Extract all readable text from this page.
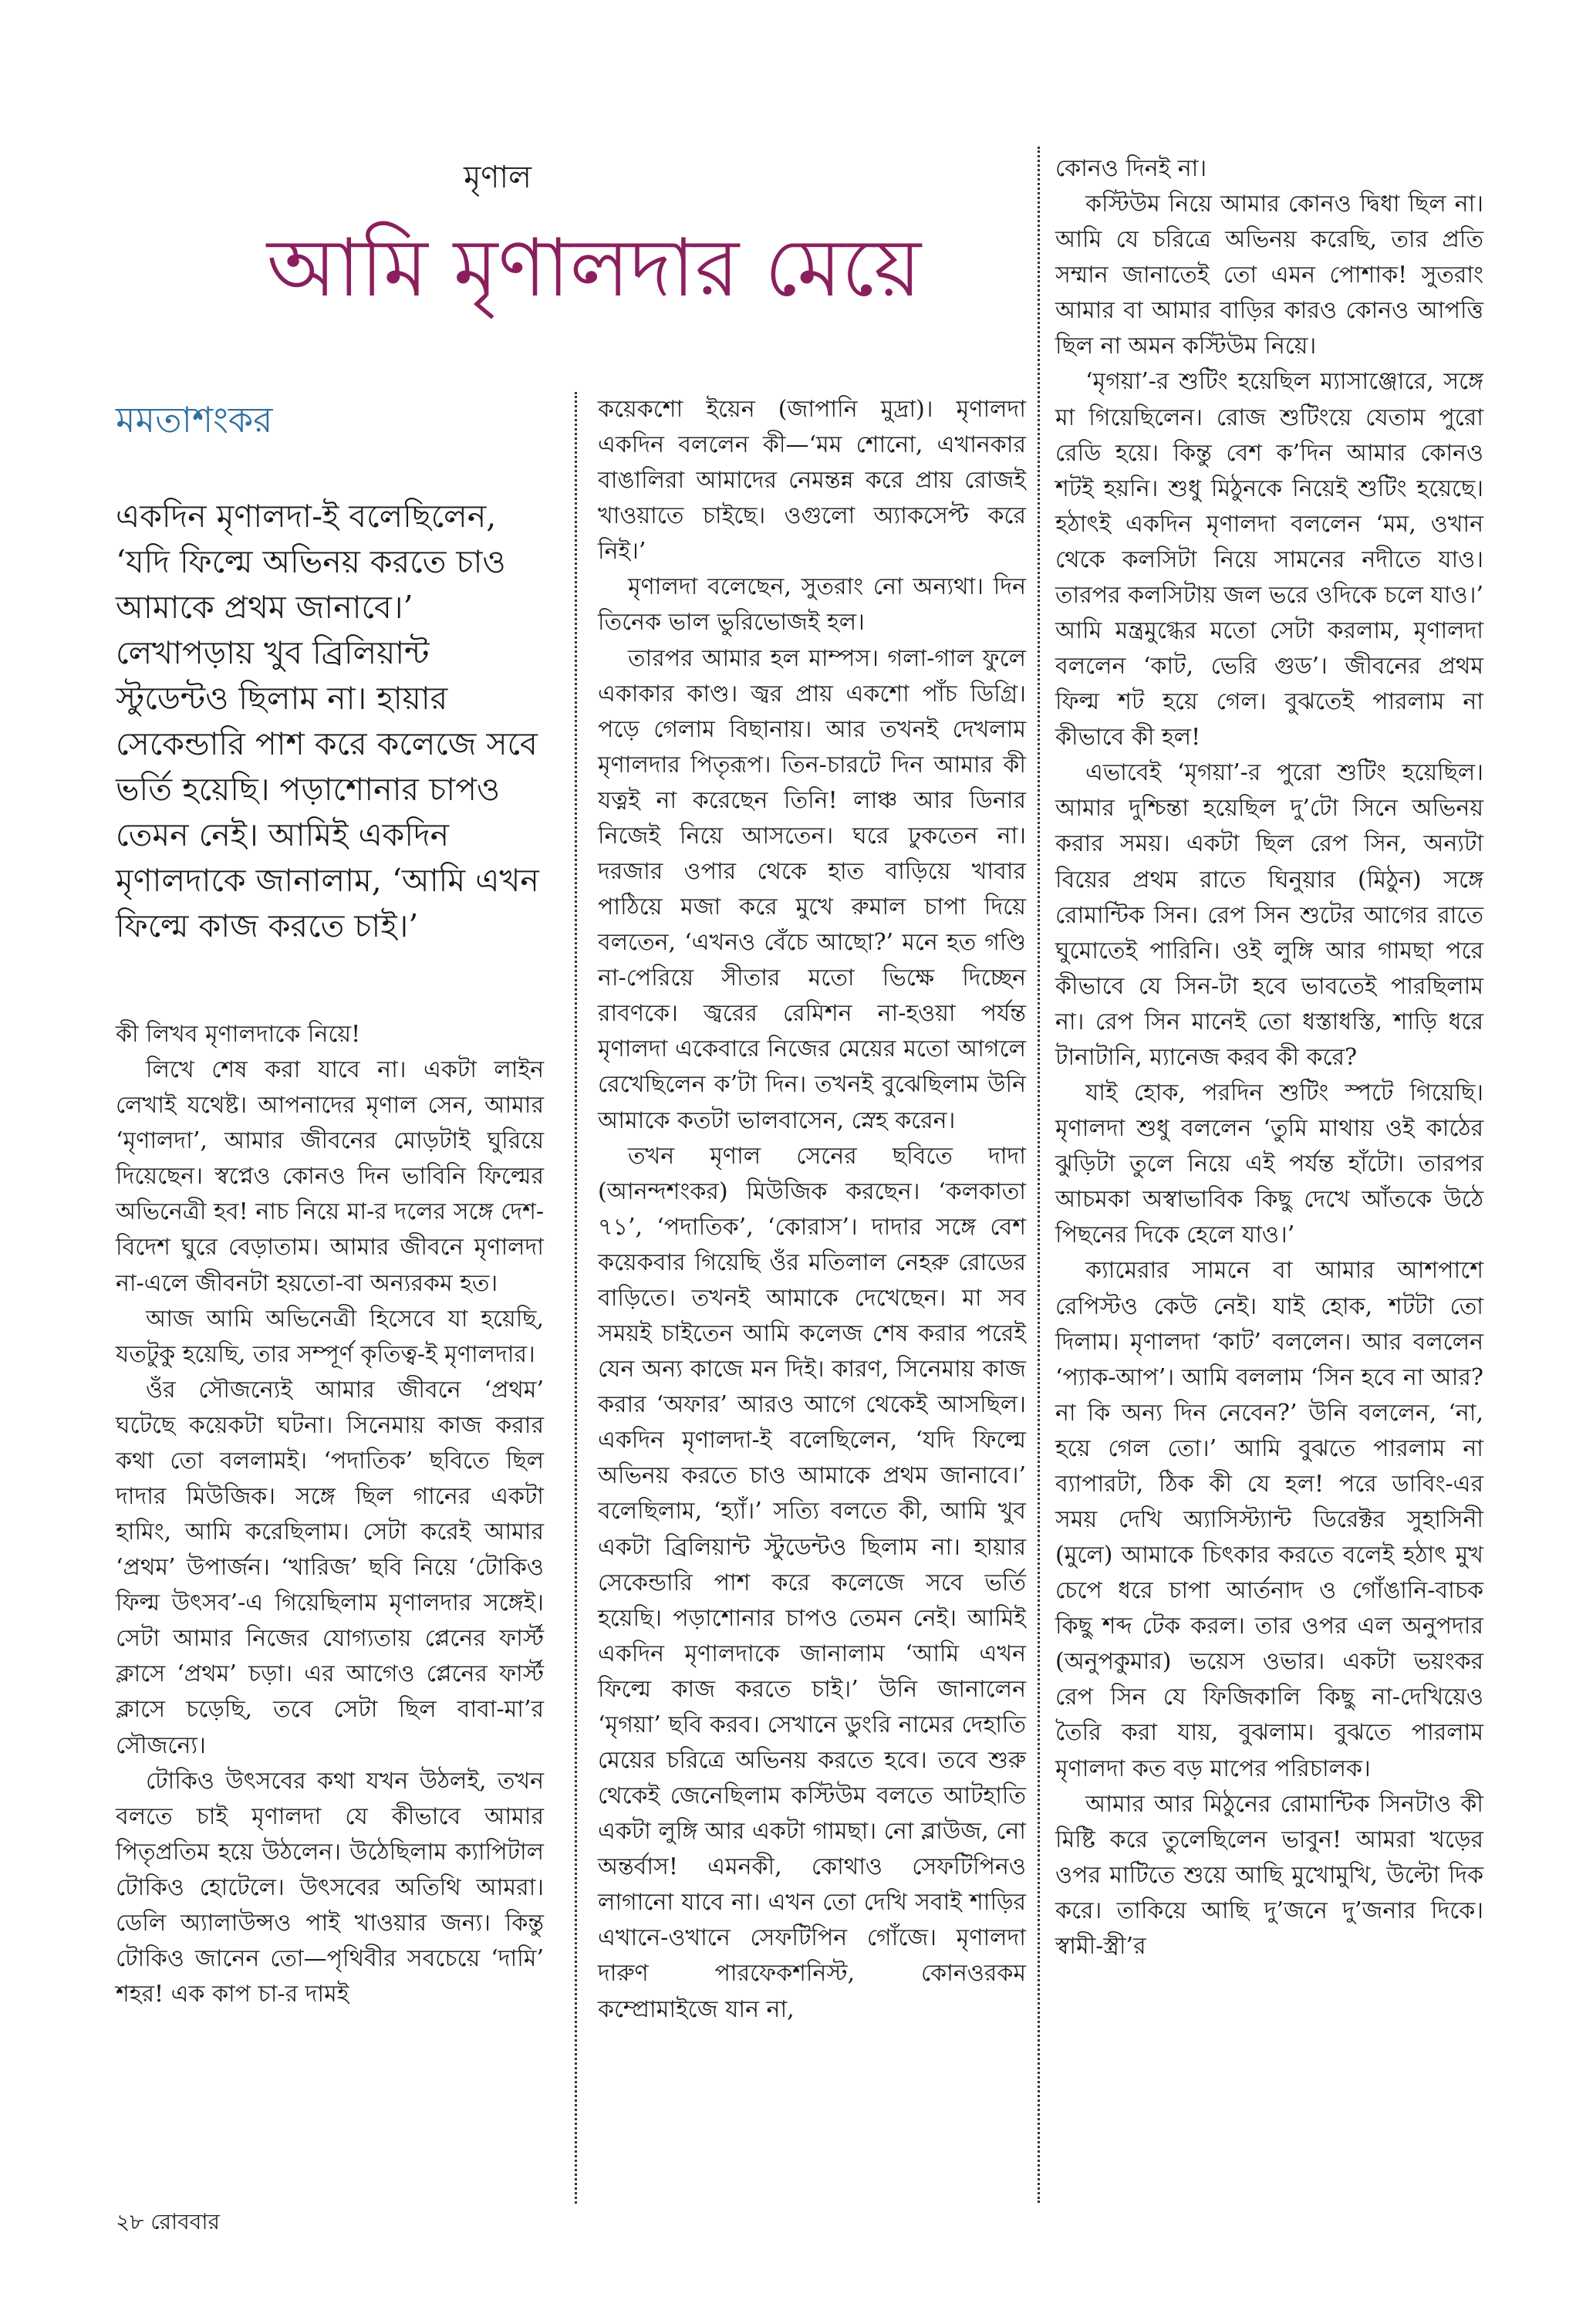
মৃণাল
আমি মৃণালদার মেয়ে
মমতাশংকর
একদিন মৃণালদা-ই বলেছিলেন, ‘যদি ফিল্মে অভিনয় করতে চাও আমাকে প্রথম জানাবে।’ লেখাপড়ায় খুব ব্রিলিয়ান্ট স্টুডেন্টও ছিলাম না। হায়ার সেকেন্ডারি পাশ করে কলেজে সবে ভর্তি হয়েছি। পড়াশোনার চাপও তেমন নেই। আমিই একদিন মৃণালদাকে জানালাম, ‘আমি এখন ফিল্মে কাজ করতে চাই।’

কী লিখব মৃণালদাকে নিয়ে!

লিখে শেষ করা যাবে না। একটা লাইন লেখাই যথেষ্ট। আপনাদের মৃণাল সেন, আমার ‘মৃণালদা’, আমার জীবনের মোড়টাই ঘুরিয়ে দিয়েছেন। স্বপ্নেও কোনও দিন ভাবিনি ফিল্মের অভিনেত্রী হব! নাচ নিয়ে মা-র দলের সঙ্গে দেশ-বিদেশ ঘুরে বেড়াতাম। আমার জীবনে মৃণালদা না-এলে জীবনটা হয়তো-বা অন্যরকম হত।

আজ আমি অভিনেত্রী হিসেবে যা হয়েছি, যতটুকু হয়েছি, তার সম্পূর্ণ কৃতিত্ব-ই মৃণালদার।

ওঁর সৌজন্যেই আমার জীবনে ‘প্রথম’ ঘটেছে কয়েকটা ঘটনা। সিনেমায় কাজ করার কথা তো বললামই। ‘পদাতিক’ ছবিতে ছিল দাদার মিউজিক। সঙ্গে ছিল গানের একটা হামিং, আমি করেছিলাম। সেটা করেই আমার ‘প্রথম’ উপার্জন। ‘খারিজ’ ছবি নিয়ে ‘টোকিও ফিল্ম উৎসব’-এ গিয়েছিলাম মৃণালদার সঙ্গেই। সেটা আমার নিজের যোগ্যতায় প্লেনের ফার্স্ট ক্লাসে ‘প্রথম’ চড়া। এর আগেও প্লেনের ফার্স্ট ক্লাসে চড়েছি, তবে সেটা ছিল বাবা-মা’র সৌজন্যে।

টোকিও উৎসবের কথা যখন উঠলই, তখন বলতে চাই মৃণালদা যে কীভাবে আমার পিতৃপ্রতিম হয়ে উঠলেন। উঠেছিলাম ক্যাপিটাল টোকিও হোটেলে। উৎসবের অতিথি আমরা। ডেলি অ্যালাউন্সও পাই খাওয়ার জন্য। কিন্তু টোকিও জানেন তো—পৃথিবীর সবচেয়ে ‘দামি’ শহর! এক কাপ চা-র দামই

কয়েকশো ইয়েন (জাপানি মুদ্রা)। মৃণালদা একদিন বললেন কী—‘মম শোনো, এখানকার বাঙালিরা আমাদের নেমন্তন্ন করে প্রায় রোজই খাওয়াতে চাইছে। ওগুলো অ্যাকসেপ্ট করে নিই।’

মৃণালদা বলেছেন, সুতরাং নো অন্যথা। দিন তিনেক ভাল ভুরিভোজই হল।

তারপর আমার হল মাম্পস। গলা-গাল ফুলে একাকার কাণ্ড। জ্বর প্রায় একশো পাঁচ ডিগ্রি। পড়ে গেলাম বিছানায়। আর তখনই দেখলাম মৃণালদার পিতৃরূপ। তিন-চারটে দিন আমার কী যত্নই না করেছেন তিনি! লাঞ্চ আর ডিনার নিজেই নিয়ে আসতেন। ঘরে ঢুকতেন না। দরজার ওপার থেকে হাত বাড়িয়ে খাবার পাঠিয়ে মজা করে মুখে রুমাল চাপা দিয়ে বলতেন, ‘এখনও বেঁচে আছো?’ মনে হত গণ্ডি না-পেরিয়ে সীতার মতো ভিক্ষে দিচ্ছেন রাবণকে। জ্বরের রেমিশন না-হওয়া পর্যন্ত মৃণালদা একেবারে নিজের মেয়ের মতো আগলে রেখেছিলেন ক’টা দিন। তখনই বুঝেছিলাম উনি আমাকে কতটা ভালবাসেন, স্নেহ করেন।

তখন মৃণাল সেনের ছবিতে দাদা (আনন্দশংকর) মিউজিক করছেন। ‘কলকাতা ৭১’, ‘পদাতিক’, ‘কোরাস’। দাদার সঙ্গে বেশ কয়েকবার গিয়েছি ওঁর মতিলাল নেহরু রোডের বাড়িতে। তখনই আমাকে দেখেছেন। মা সব সময়ই চাইতেন আমি কলেজ শেষ করার পরেই যেন অন্য কাজে মন দিই। কারণ, সিনেমায় কাজ করার ‘অফার’ আরও আগে থেকেই আসছিল। একদিন মৃণালদা-ই বলেছিলেন, ‘যদি ফিল্মে অভিনয় করতে চাও আমাকে প্রথম জানাবে।’ বলেছিলাম, ‘হ্যাঁ।’ সত্যি বলতে কী, আমি খুব একটা ব্রিলিয়ান্ট স্টুডেন্টও ছিলাম না। হায়ার সেকেন্ডারি পাশ করে কলেজে সবে ভর্তি হয়েছি। পড়াশোনার চাপও তেমন নেই। আমিই একদিন মৃণালদাকে জানালাম ‘আমি এখন ফিল্মে কাজ করতে চাই।’ উনি জানালেন ‘মৃগয়া’ ছবি করব। সেখানে ডুংরি নামের দেহাতি মেয়ের চরিত্রে অভিনয় করতে হবে। তবে শুরু থেকেই জেনেছিলাম কস্টিউম বলতে আটহাতি একটা লুঙ্গি আর একটা গামছা। নো ব্লাউজ, নো অন্তর্বাস! এমনকী, কোথাও সেফটিপিনও লাগানো যাবে না। এখন তো দেখি সবাই শাড়ির এখানে-ওখানে সেফটিপিন গোঁজে। মৃণালদা দারুণ পারফেকশনিস্ট, কোনওরকম কম্প্রোমাইজে যান না,

কোনও দিনই না।

কস্টিউম নিয়ে আমার কোনও দ্বিধা ছিল না। আমি যে চরিত্রে অভিনয় করেছি, তার প্রতি সম্মান জানাতেই তো এমন পোশাক! সুতরাং আমার বা আমার বাড়ির কারও কোনও আপত্তি ছিল না অমন কস্টিউম নিয়ে।

‘মৃগয়া’-র শুটিং হয়েছিল ম্যাসাঞ্জোরে, সঙ্গে মা গিয়েছিলেন। রোজ শুটিংয়ে যেতাম পুরো রেডি হয়ে। কিন্তু বেশ ক’দিন আমার কোনও শটই হয়নি। শুধু মিঠুনকে নিয়েই শুটিং হয়েছে। হঠাৎই একদিন মৃণালদা বললেন ‘মম, ওখান থেকে কলসিটা নিয়ে সামনের নদীতে যাও। তারপর কলসিটায় জল ভরে ওদিকে চলে যাও।’ আমি মন্ত্রমুগ্ধের মতো সেটা করলাম, মৃণালদা বললেন ‘কাট, ভেরি গুড’। জীবনের প্রথম ফিল্ম শট হয়ে গেল। বুঝতেই পারলাম না কীভাবে কী হল!

এভাবেই ‘মৃগয়া’-র পুরো শুটিং হয়েছিল। আমার দুশ্চিন্তা হয়েছিল দু’টো সিনে অভিনয় করার সময়। একটা ছিল রেপ সিন, অন্যটা বিয়ের প্রথম রাতে ঘিনুয়ার (মিঠুন) সঙ্গে রোমান্টিক সিন। রেপ সিন শুটের আগের রাতে ঘুমোতেই পারিনি। ওই লুঙ্গি আর গামছা পরে কীভাবে যে সিন-টা হবে ভাবতেই পারছিলাম না। রেপ সিন মানেই তো ধস্তাধস্তি, শাড়ি ধরে টানাটানি, ম্যানেজ করব কী করে?

যাই হোক, পরদিন শুটিং স্পটে গিয়েছি। মৃণালদা শুধু বললেন ‘তুমি মাথায় ওই কাঠের ঝুড়িটা তুলে নিয়ে এই পর্যন্ত হাঁটো। তারপর আচমকা অস্বাভাবিক কিছু দেখে আঁতকে উঠে পিছনের দিকে হেলে যাও।’

ক্যামেরার সামনে বা আমার আশপাশে রেপিস্টও কেউ নেই। যাই হোক, শটটা তো দিলাম। মৃণালদা ‘কাট’ বললেন। আর বললেন ‘প্যাক-আপ’। আমি বললাম ‘সিন হবে না আর? না কি অন্য দিন নেবেন?’ উনি বললেন, ‘না, হয়ে গেল তো।’ আমি বুঝতে পারলাম না ব্যাপারটা, ঠিক কী যে হল! পরে ডাবিং-এর সময় দেখি অ্যাসিস্ট্যান্ট ডিরেক্টর সুহাসিনী (মুলে) আমাকে চিৎকার করতে বলেই হঠাৎ মুখ চেপে ধরে চাপা আর্তনাদ ও গোঁঙানি-বাচক কিছু শব্দ টেক করল। তার ওপর এল অনুপদার (অনুপকুমার) ভয়েস ওভার। একটা ভয়ংকর রেপ সিন যে ফিজিকালি কিছু না-দেখিয়েও তৈরি করা যায়, বুঝলাম। বুঝতে পারলাম মৃণালদা কত বড় মাপের পরিচালক।

আমার আর মিঠুনের রোমান্টিক সিনটাও কী মিষ্টি করে তুলেছিলেন ভাবুন! আমরা খড়ের ওপর মাটিতে শুয়ে আছি মুখোমুখি, উল্টো দিক করে। তাকিয়ে আছি দু’জনে দু’জনার দিকে। স্বামী-স্ত্রী’র

২৮ রোববার
